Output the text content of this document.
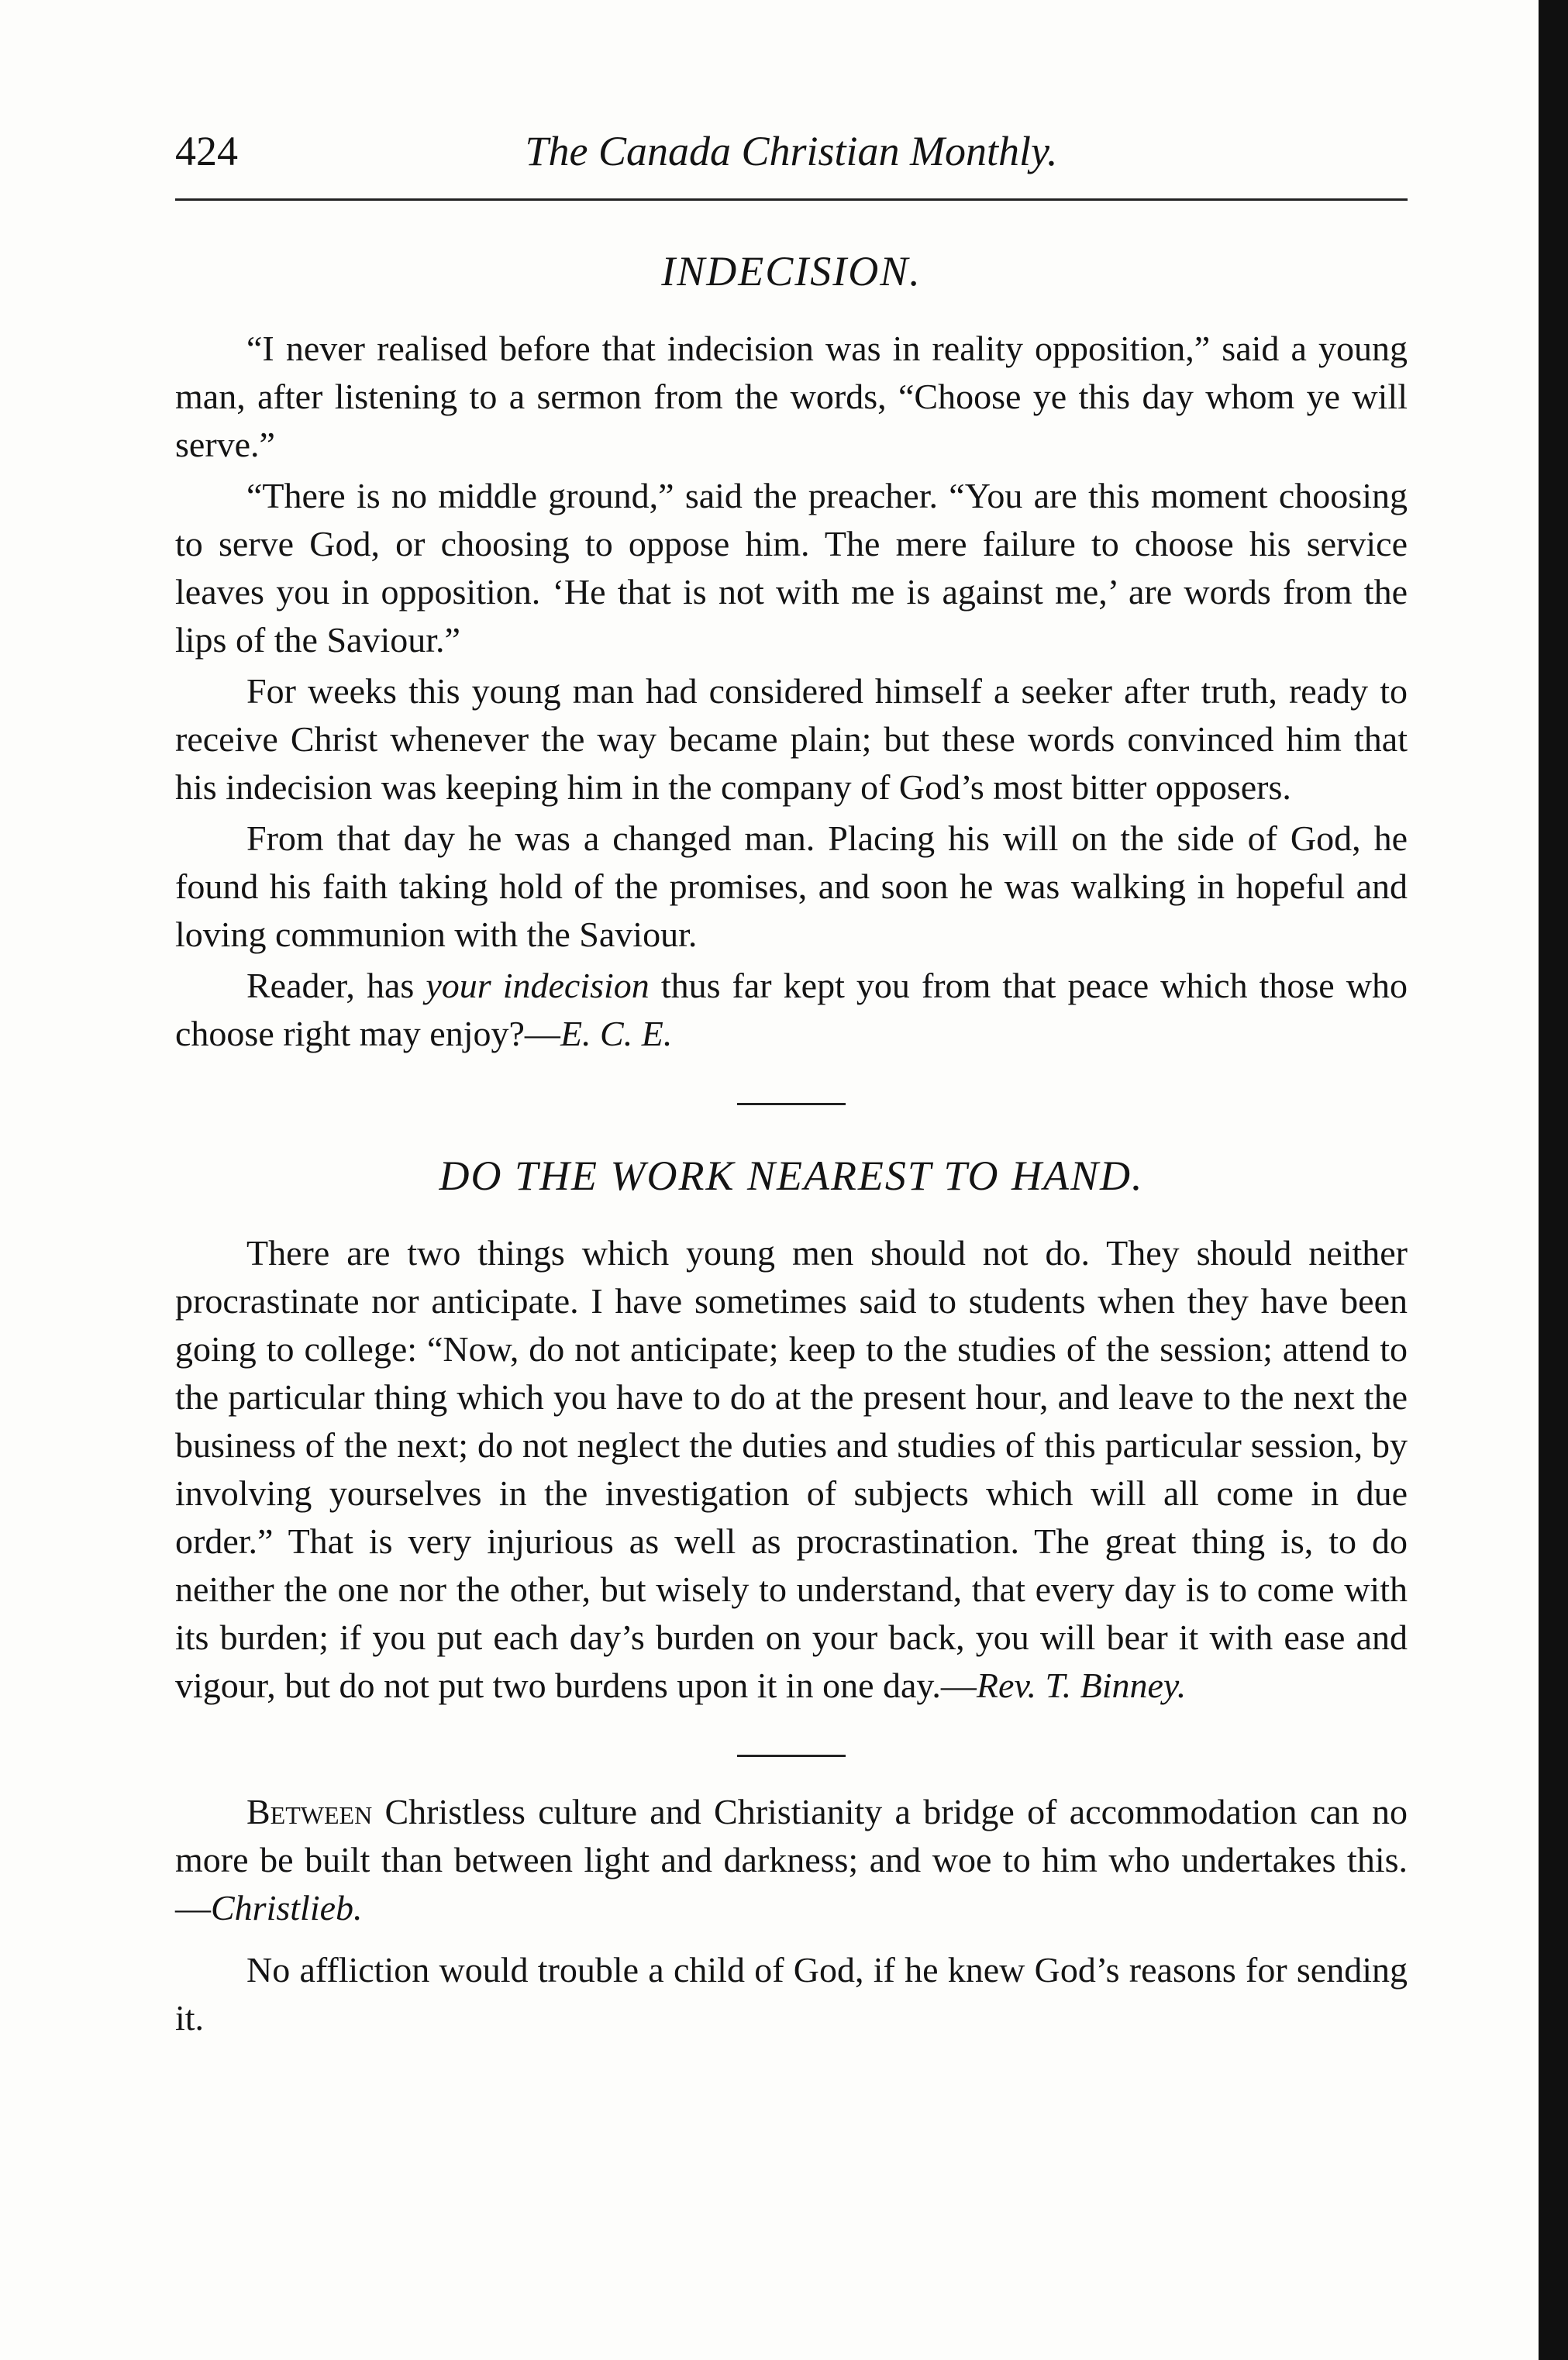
424	The Canada Christian Monthly.
INDECISION.

“I never realised before that indecision was in reality opposition,” said a young man, after listening to a sermon from the words, “Choose ye this day whom ye will serve.”

“There is no middle ground,” said the preacher. “You are this moment choosing to serve God, or choosing to oppose him. The mere failure to choose his service leaves you in opposition. ‘He that is not with me is against me,’ are words from the lips of the Saviour.”

For weeks this young man had considered himself a seeker after truth, ready to receive Christ whenever the way became plain; but these words convinced him that his indecision was keeping him in the company of God’s most bitter opposers.

From that day he was a changed man. Placing his will on the side of God, he found his faith taking hold of the promises, and soon he was walking in hopeful and loving communion with the Saviour.

Reader, has your indecision thus far kept you from that peace which those who choose right may enjoy?—E. C. E.

DO THE WORK NEAREST TO HAND.

There are two things which young men should not do. They should neither procrastinate nor anticipate. I have sometimes said to students when they have been going to college: “Now, do not anticipate; keep to the studies of the session; attend to the particular thing which you have to do at the present hour, and leave to the next the business of the next; do not neglect the duties and studies of this particular session, by involving yourselves in the investigation of subjects which will all come in due order.” That is very injurious as well as procrastination. The great thing is, to do neither the one nor the other, but wisely to understand, that every day is to come with its burden; if you put each day’s burden on your back, you will bear it with ease and vigour, but do not put two burdens upon it in one day.—Rev. T. Binney.

Between Christless culture and Christianity a bridge of accommodation can no more be built than between light and darkness; and woe to him who undertakes this.—Christlieb.

No affliction would trouble a child of God, if he knew God’s reasons for sending it.
